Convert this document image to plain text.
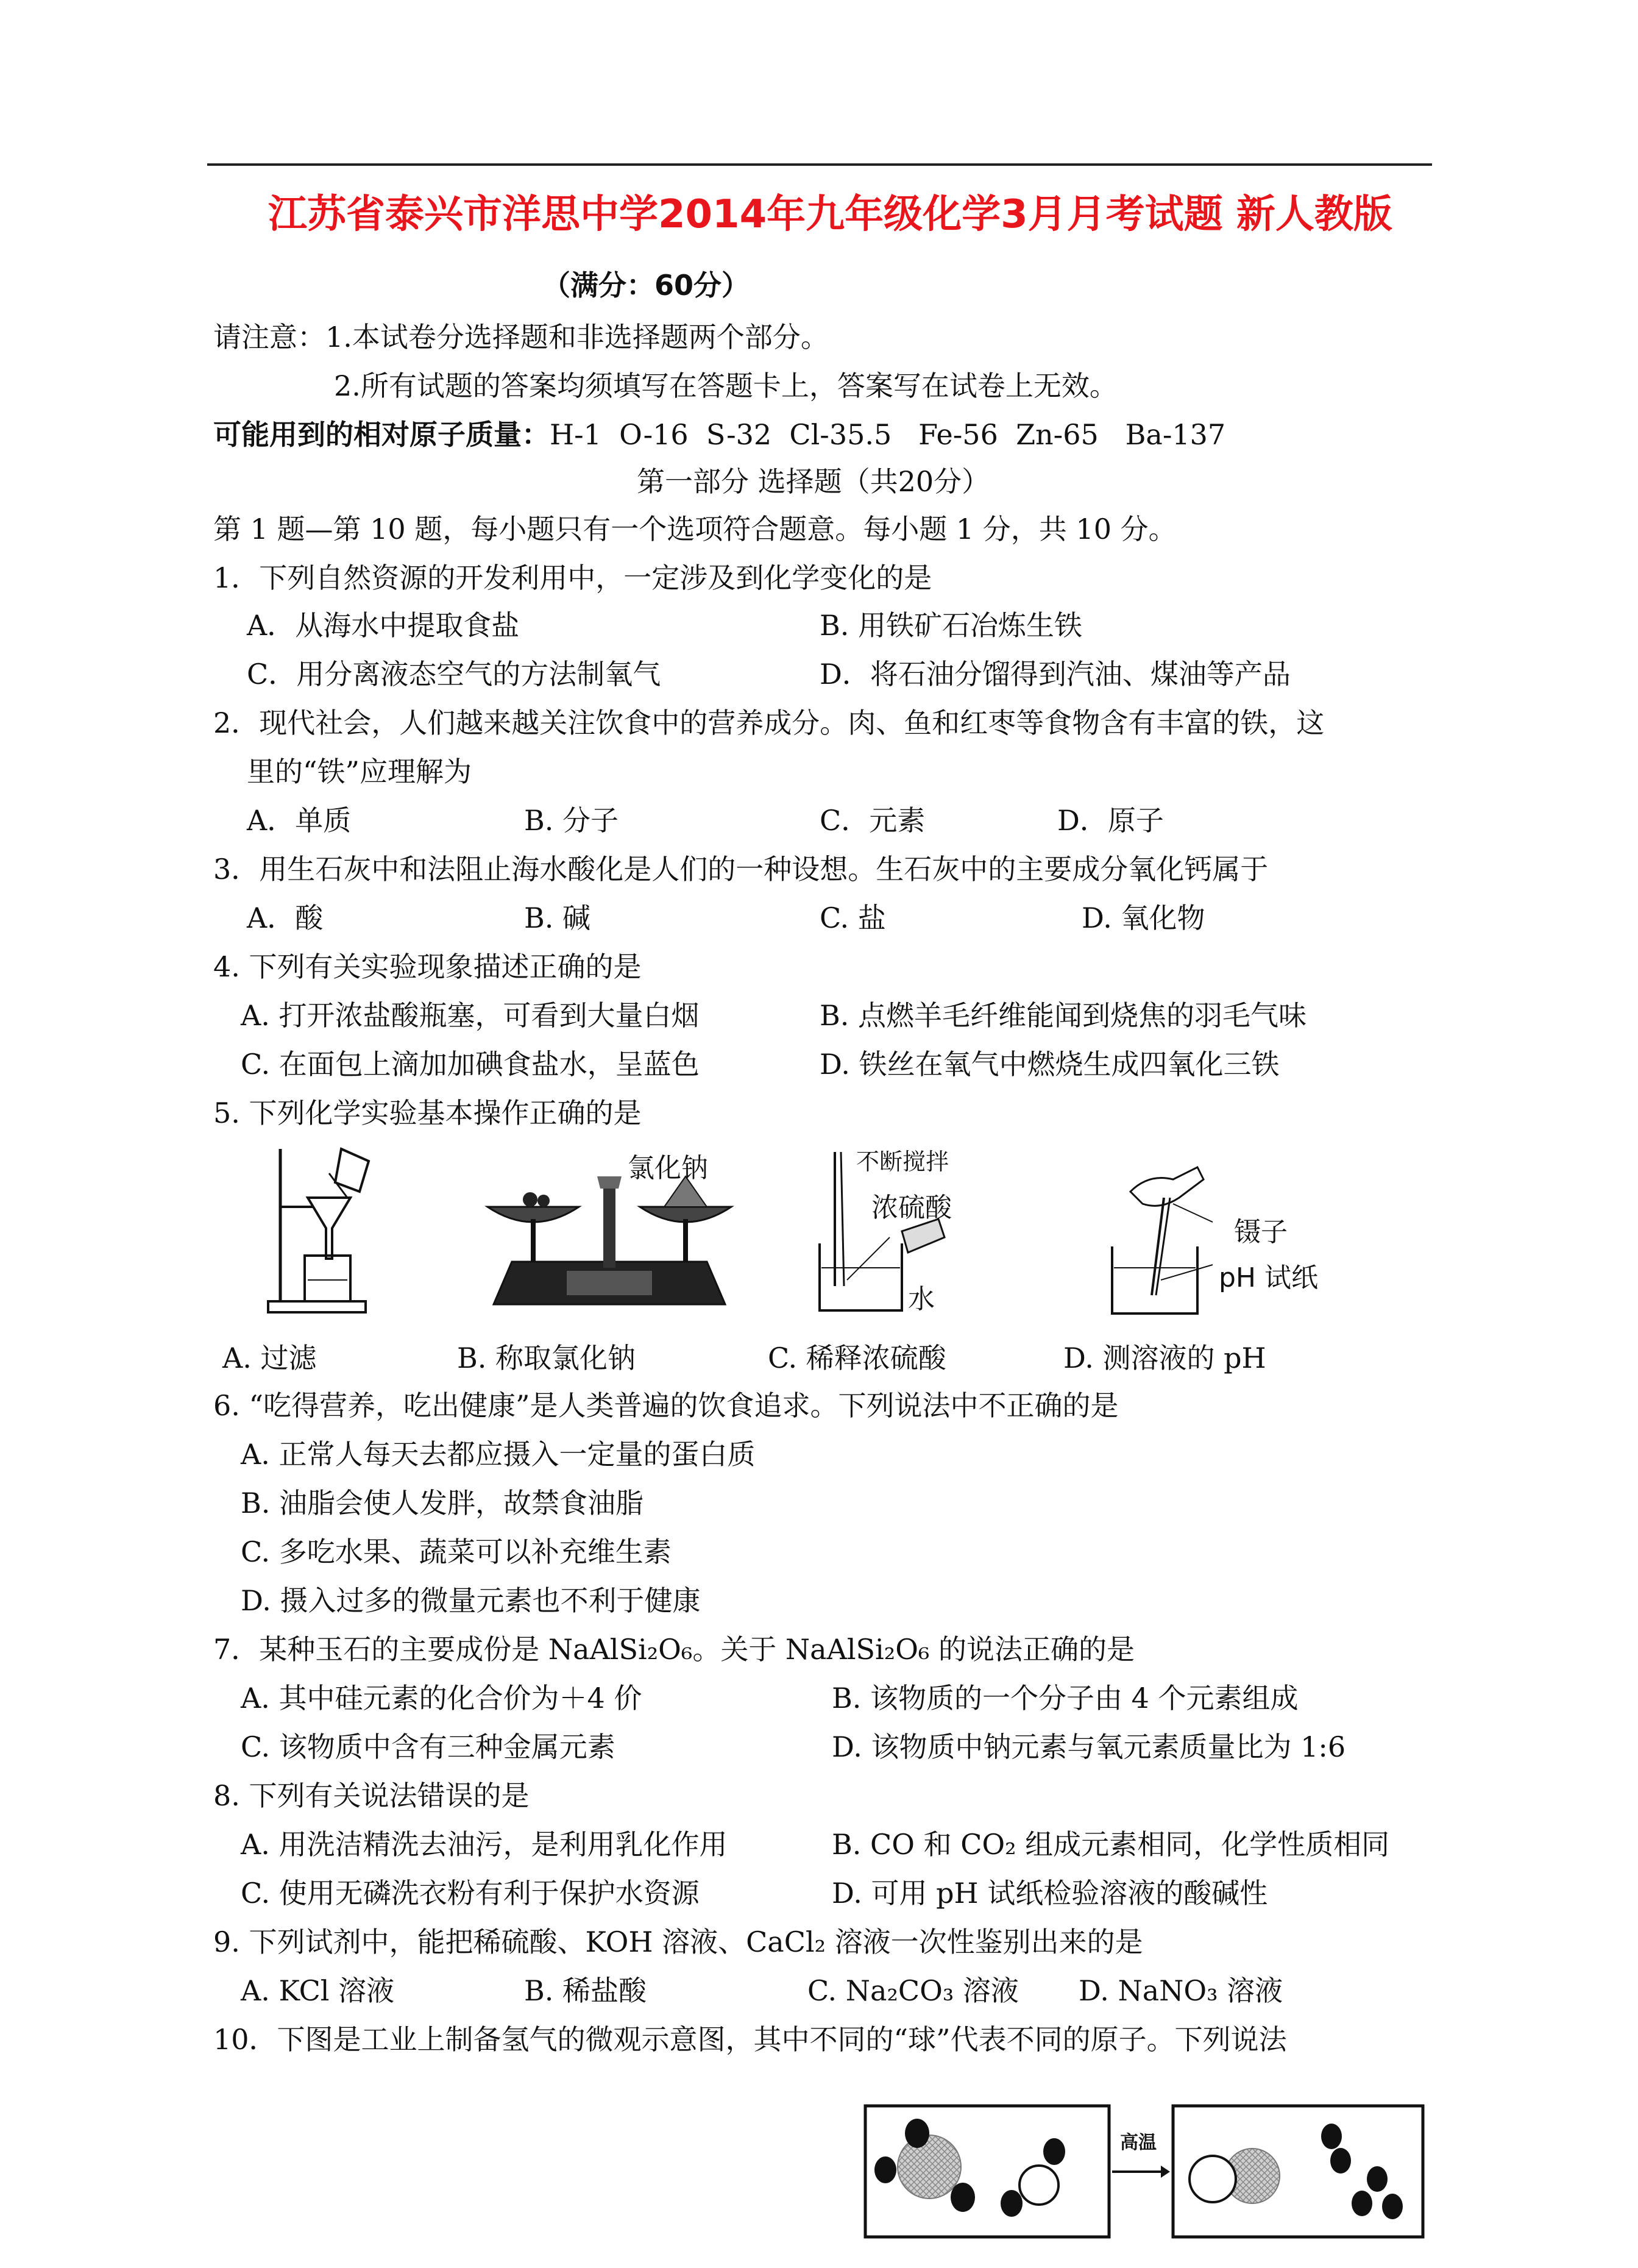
江苏省泰兴市洋思中学2014年九年级化学3月月考试题 新人教版
（满分：60分）
请注意：1.本试卷分选择题和非选择题两个部分。
2.所有试题的答案均须填写在答题卡上，答案写在试卷上无效。
可能用到的相对原子质量：H-1  O-16  S-32  Cl-35.5   Fe-56  Zn-65   Ba-137
第一部分 选择题（共20分）
第 1 题—第 10 题，每小题只有一个选项符合题意。每小题 1 分，共 10 分。
1．下列自然资源的开发利用中，一定涉及到化学变化的是
A．从海水中提取食盐	B. 用铁矿石冶炼生铁
C．用分离液态空气的方法制氧气	D．将石油分馏得到汽油、煤油等产品
2．现代社会，人们越来越关注饮食中的营养成分。肉、鱼和红枣等食物含有丰富的铁，这
里的“铁”应理解为
A．单质	B. 分子	C．元素	D．原子
3．用生石灰中和法阻止海水酸化是人们的一种设想。生石灰中的主要成分氧化钙属于
A．酸	B. 碱	C. 盐	D. 氧化物
4. 下列有关实验现象描述正确的是
A. 打开浓盐酸瓶塞，可看到大量白烟	B. 点燃羊毛纤维能闻到烧焦的羽毛气味
C. 在面包上滴加加碘食盐水，呈蓝色	D. 铁丝在氧气中燃烧生成四氧化三铁
5. 下列化学实验基本操作正确的是
A. 过滤
氯化钠
B. 称取氯化钠
不断搅拌
浓硫酸
水
C. 稀释浓硫酸
镊子
pH 试纸
D. 测溶液的 pH
6. “吃得营养，吃出健康”是人类普遍的饮食追求。下列说法中不正确的是
A. 正常人每天去都应摄入一定量的蛋白质
B. 油脂会使人发胖，故禁食油脂
C. 多吃水果、蔬菜可以补充维生素
D. 摄入过多的微量元素也不利于健康
7．某种玉石的主要成份是 NaAlSi₂O₆。关于 NaAlSi₂O₆ 的说法正确的是
A. 其中硅元素的化合价为＋4 价	B. 该物质的一个分子由 4 个元素组成
C. 该物质中含有三种金属元素	D. 该物质中钠元素与氧元素质量比为 1:6
8. 下列有关说法错误的是
A. 用洗洁精洗去油污，是利用乳化作用	B. CO 和 CO₂ 组成元素相同，化学性质相同
C. 使用无磷洗衣粉有利于保护水资源	D. 可用 pH 试纸检验溶液的酸碱性
9. 下列试剂中，能把稀硫酸、KOH 溶液、CaCl₂ 溶液一次性鉴别出来的是
A. KCl 溶液	B. 稀盐酸	C. Na₂CO₃ 溶液 D. NaNO₃ 溶液
10．下图是工业上制备氢气的微观示意图，其中不同的“球”代表不同的原子。下列说法
高温
